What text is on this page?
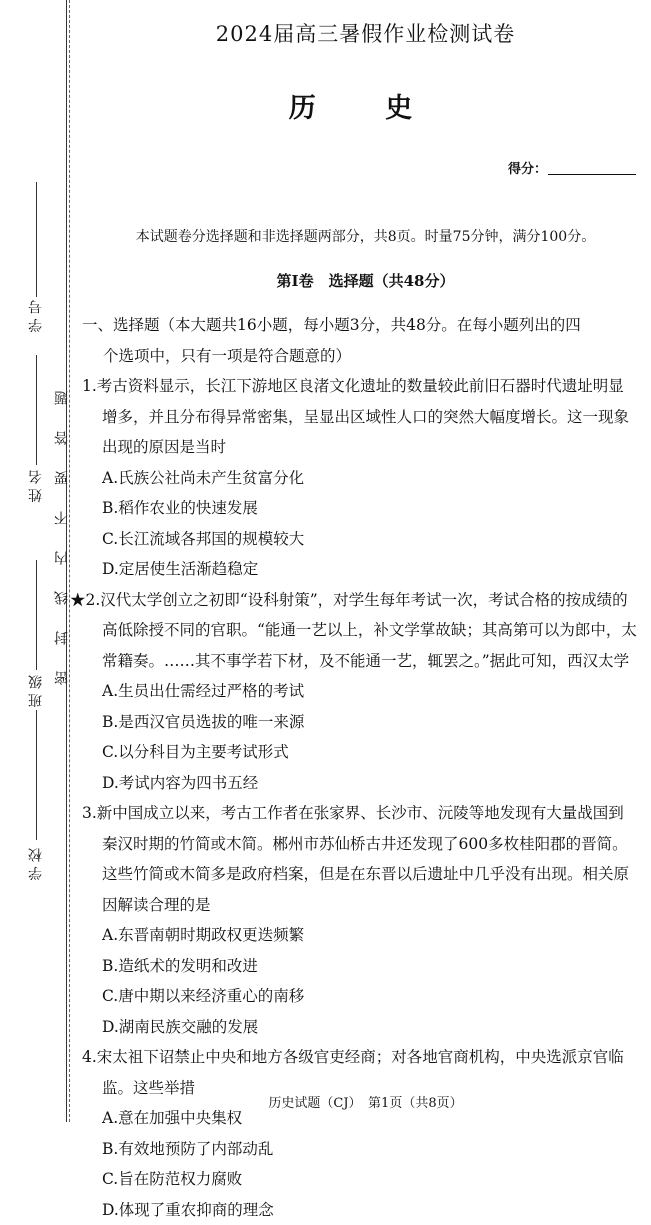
学 号
姓 名
班 级
学 校
密封线内不要答题
2024届高三暑假作业检测试卷
历 史
得分：
本试题卷分选择题和非选择题两部分，共8页。时量75分钟，满分100分。
第Ⅰ卷　选择题（共48分）
一、选择题（本大题共16小题，每小题3分，共48分。在每小题列出的四
个选项中，只有一项是符合题意的）

1.考古资料显示，长江下游地区良渚文化遗址的数量较此前旧石器时代遗址明显增多，并且分布得异常密集，呈显出区域性人口的突然大幅度增长。这一现象出现的原因是当时

A.氏族公社尚未产生贫富分化
B.稻作农业的快速发展
C.长江流域各邦国的规模较大
D.定居使生活渐趋稳定

★2.汉代太学创立之初即“设科射策”，对学生每年考试一次，考试合格的按成绩的高低除授不同的官职。“能通一艺以上，补文学掌故缺；其高第可以为郎中，太常籍奏。……其不事学若下材，及不能通一艺，辄罢之。”据此可知，西汉太学

A.生员出仕需经过严格的考试
B.是西汉官员选拔的唯一来源
C.以分科目为主要考试形式
D.考试内容为四书五经

3.新中国成立以来，考古工作者在张家界、长沙市、沅陵等地发现有大量战国到秦汉时期的竹简或木简。郴州市苏仙桥古井还发现了600多枚桂阳郡的晋简。这些竹简或木简多是政府档案，但是在东晋以后遗址中几乎没有出现。相关原因解读合理的是

A.东晋南朝时期政权更迭频繁
B.造纸术的发明和改进
C.唐中期以来经济重心的南移
D.湖南民族交融的发展

4.宋太祖下诏禁止中央和地方各级官吏经商；对各地官商机构，中央选派京官临监。这些举措

A.意在加强中央集权
B.有效地预防了内部动乱
C.旨在防范权力腐败
D.体现了重农抑商的理念
历史试题（CJ）　第1页（共8页）
